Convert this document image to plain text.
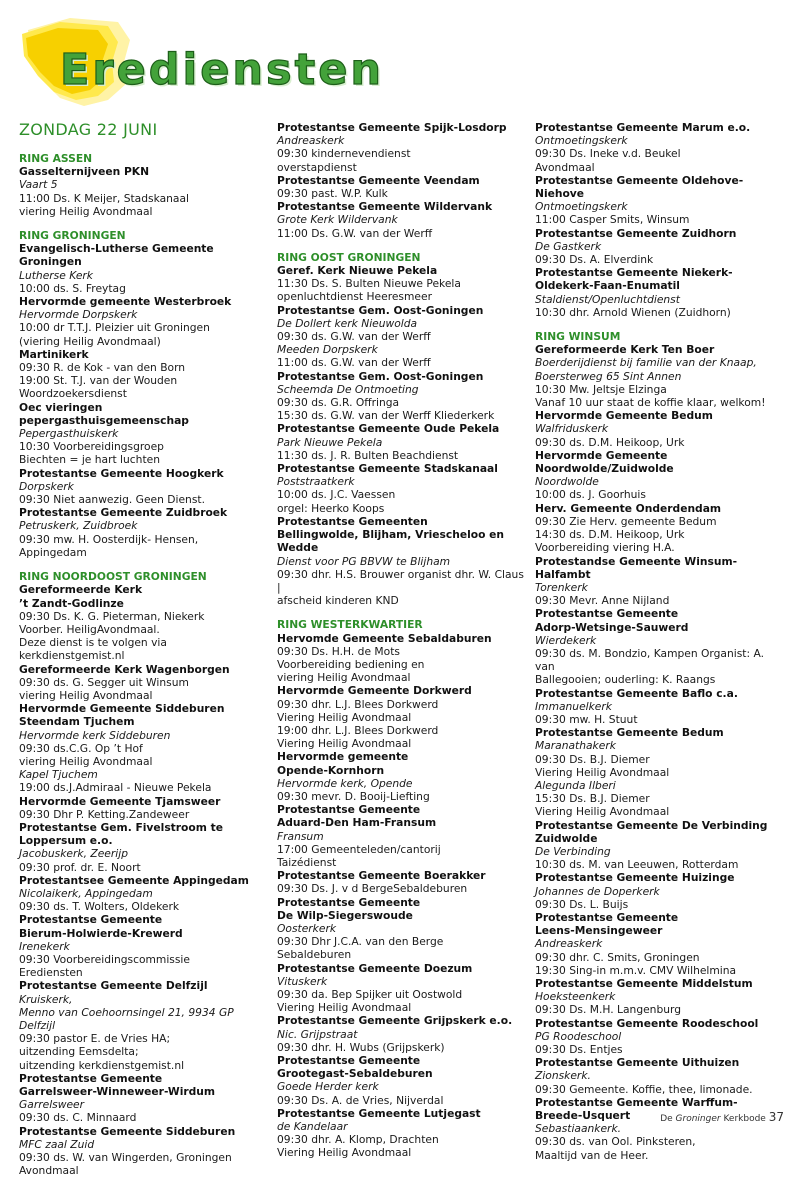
Erediensten
ZONDAG 22 JUNI
RING ASSEN
Gasselternijveen PKN
Vaart 5
11:00 Ds. K Meijer, Stadskanaal
viering Heilig Avondmaal
RING GRONINGEN
Evangelisch-Lutherse Gemeente Groningen
Lutherse Kerk
10:00 ds. S. Freytag
Hervormde gemeente Westerbroek
Hervormde Dorpskerk
10:00 dr T.T.J. Pleizier uit Groningen
(viering Heilig Avondmaal)
Martinikerk
09:30 R. de Kok - van den Born
19:00 St. T.J. van der Wouden
Woordzoekersdienst
Oec vieringen
pepergasthuisgemeenschap
Pepergasthuiskerk
10:30 Voorbereidingsgroep
Biechten = je hart luchten
Protestantse Gemeente Hoogkerk
Dorpskerk
09:30 Niet aanwezig. Geen Dienst.
Protestantse Gemeente Zuidbroek
Petruskerk, Zuidbroek
09:30 mw. H. Oosterdijk- Hensen, Appingedam
RING NOORDOOST GRONINGEN
Gereformeerde Kerk
’t Zandt-Godlinze
09:30 Ds. K. G. Pieterman, Niekerk
Voorber. HeiligAvondmaal.
Deze dienst is te volgen via kerkdienstgemist.nl
Gereformeerde Kerk Wagenborgen
09:30 ds. G. Segger uit Winsum
viering Heilig Avondmaal
Hervormde Gemeente Siddeburen Steendam Tjuchem
Hervormde kerk Siddeburen
09:30 ds.C.G. Op ’t Hof
viering Heilig Avondmaal
Kapel Tjuchem
19:00 ds.J.Admiraal - Nieuwe Pekela
Hervormde Gemeente Tjamsweer
09:30 Dhr P. Ketting.Zandeweer
Protestantse Gem. Fivelstroom te Loppersum e.o.
Jacobuskerk, Zeerijp
09:30 prof. dr. E. Noort
Protestantsee Gemeente Appingedam
Nicolaikerk, Appingedam
09:30 ds. T. Wolters, Oldekerk
Protestantse Gemeente
Bierum-Holwierde-Krewerd
Irenekerk
09:30 Voorbereidingscommissie
Erediensten
Protestantse Gemeente Delfzijl
Kruiskerk,
Menno van Coehoornsingel 21, 9934 GP Delfzijl
09:30 pastor E. de Vries HA;
uitzending Eemsdelta;
uitzending kerkdienstgemist.nl
Protestantse Gemeente
Garrelsweer-Winneweer-Wirdum
Garrelsweer
09:30 ds. C. Minnaard
Protestantse Gemeente Siddeburen
MFC zaal Zuid
09:30 ds. W. van Wingerden, Groningen
Avondmaal
Protestantse Gemeente Spijk-Losdorp
Andreaskerk
09:30 kindernevendienst
overstapdienst
Protestantse Gemeente Veendam
09:30 past. W.P. Kulk
Protestantse Gemeente Wildervank
Grote Kerk Wildervank
11:00 Ds. G.W. van der Werff
RING OOST GRONINGEN
Geref. Kerk Nieuwe Pekela
11:30 Ds. S. Bulten Nieuwe Pekela
openluchtdienst Heeresmeer
Protestantse Gem. Oost-Goningen
De Dollert kerk Nieuwolda
09:30 ds. G.W. van der Werff
Meeden Dorpskerk
11:00 ds. G.W. van der Werff
Protestantse Gem. Oost-Goningen
Scheemda De Ontmoeting
09:30 ds. G.R. Offringa
15:30 ds. G.W. van der Werff Kliederkerk
Protestantse Gemeente Oude Pekela
Park Nieuwe Pekela
11:30 ds. J. R. Bulten Beachdienst
Protestantse Gemeente Stadskanaal
Poststraatkerk
10:00 ds. J.C. Vaessen
orgel: Heerko Koops
Protestantse Gemeenten
Bellingwolde, Blijham, Vriescheloo en Wedde
Dienst voor PG BBVW te Blijham
09:30 dhr. H.S. Brouwer organist dhr. W. Claus |
afscheid kinderen KND
RING WESTERKWARTIER
Hervomde Gemeente Sebaldaburen
09:30 Ds. H.H. de Mots
Voorbereiding bediening en
viering Heilig Avondmaal
Hervormde Gemeente Dorkwerd
09:30 dhr. L.J. Blees Dorkwerd
Viering Heilig Avondmaal
19:00 dhr. L.J. Blees Dorkwerd
Viering Heilig Avondmaal
Hervormde gemeente
Opende-Kornhorn
Hervormde kerk, Opende
09:30 mevr. D. Booij-Liefting
Protestantse Gemeente
Aduard-Den Ham-Fransum
Fransum
17:00 Gemeenteleden/cantorij
Taizédienst
Protestantse Gemeente Boerakker
09:30 Ds. J. v d BergeSebaldeburen
Protestantse Gemeente
De Wilp-Siegerswoude
Oosterkerk
09:30 Dhr J.C.A. van den Berge
Sebaldeburen
Protestantse Gemeente Doezum
Vituskerk
09:30 da. Bep Spijker uit Oostwold
Viering Heilig Avondmaal
Protestantse Gemeente Grijpskerk e.o.
Nic. Grijpstraat
09:30 dhr. H. Wubs (Grijpskerk)
Protestantse Gemeente
Grootegast-Sebaldeburen
Goede Herder kerk
09:30 Ds. A. de Vries, Nijverdal
Protestantse Gemeente Lutjegast
de Kandelaar
09:30 dhr. A. Klomp, Drachten
Viering Heilig Avondmaal
Protestantse Gemeente Marum e.o.
Ontmoetingskerk
09:30 Ds. Ineke v.d. Beukel
Avondmaal
Protestantse Gemeente Oldehove-Niehove
Ontmoetingskerk
11:00 Casper Smits, Winsum
Protestantse Gemeente Zuidhorn
De Gastkerk
09:30 Ds. A. Elverdink
Protestantse Gemeente Niekerk-Oldekerk-Faan-Enumatil
Staldienst/Openluchtdienst
10:30 dhr. Arnold Wienen (Zuidhorn)
RING WINSUM
Gereformeerde Kerk Ten Boer
Boerderijdienst bij familie van der Knaap,
Boersterweg 65 Sint Annen
10:30 Mw. Jeltsje Elzinga
Vanaf 10 uur staat de koffie klaar, welkom!
Hervormde Gemeente Bedum
Walfriduskerk
09:30 ds. D.M. Heikoop, Urk
Hervormde Gemeente Noordwolde/Zuidwolde
Noordwolde
10:00 ds. J. Goorhuis
Herv. Gemeente Onderdendam
09:30 Zie Herv. gemeente Bedum
14:30 ds. D.M. Heikoop, Urk
Voorbereiding viering H.A.
Protestandse Gemeente Winsum-Halfambt
Torenkerk
09:30 Mevr. Anne Nijland
Protestantse Gemeente
Adorp-Wetsinge-Sauwerd
Wierdekerk
09:30 ds. M. Bondzio, Kampen Organist: A. van
Ballegooien; ouderling: K. Raangs
Protestantse Gemeente Baflo c.a.
Immanuelkerk
09:30 mw. H. Stuut
Protestantse Gemeente Bedum
Maranathakerk
09:30 Ds. B.J. Diemer
Viering Heilig Avondmaal
Alegunda Ilberi
15:30 Ds. B.J. Diemer
Viering Heilig Avondmaal
Protestantse Gemeente De Verbinding Zuidwolde
De Verbinding
10:30 ds. M. van Leeuwen, Rotterdam
Protestantse Gemeente Huizinge
Johannes de Doperkerk
09:30 Ds. L. Buijs
Protestantse Gemeente
Leens-Mensingeweer
Andreaskerk
09:30 dhr. C. Smits, Groningen
19:30 Sing-in m.m.v. CMV Wilhelmina
Protestantse Gemeente Middelstum
Hoeksteenkerk
09:30 Ds. M.H. Langenburg
Protestantse Gemeente Roodeschool
PG Roodeschool
09:30 Ds. Entjes
Protestantse Gemeente Uithuizen
Zionskerk.
09:30 Gemeente. Koffie, thee, limonade.
Protestantse Gemeente Warffum-Breede-Usquert
Sebastiaankerk.
09:30 ds. van Ool. Pinksteren,
Maaltijd van de Heer.
De Groninger Kerkbode 37
